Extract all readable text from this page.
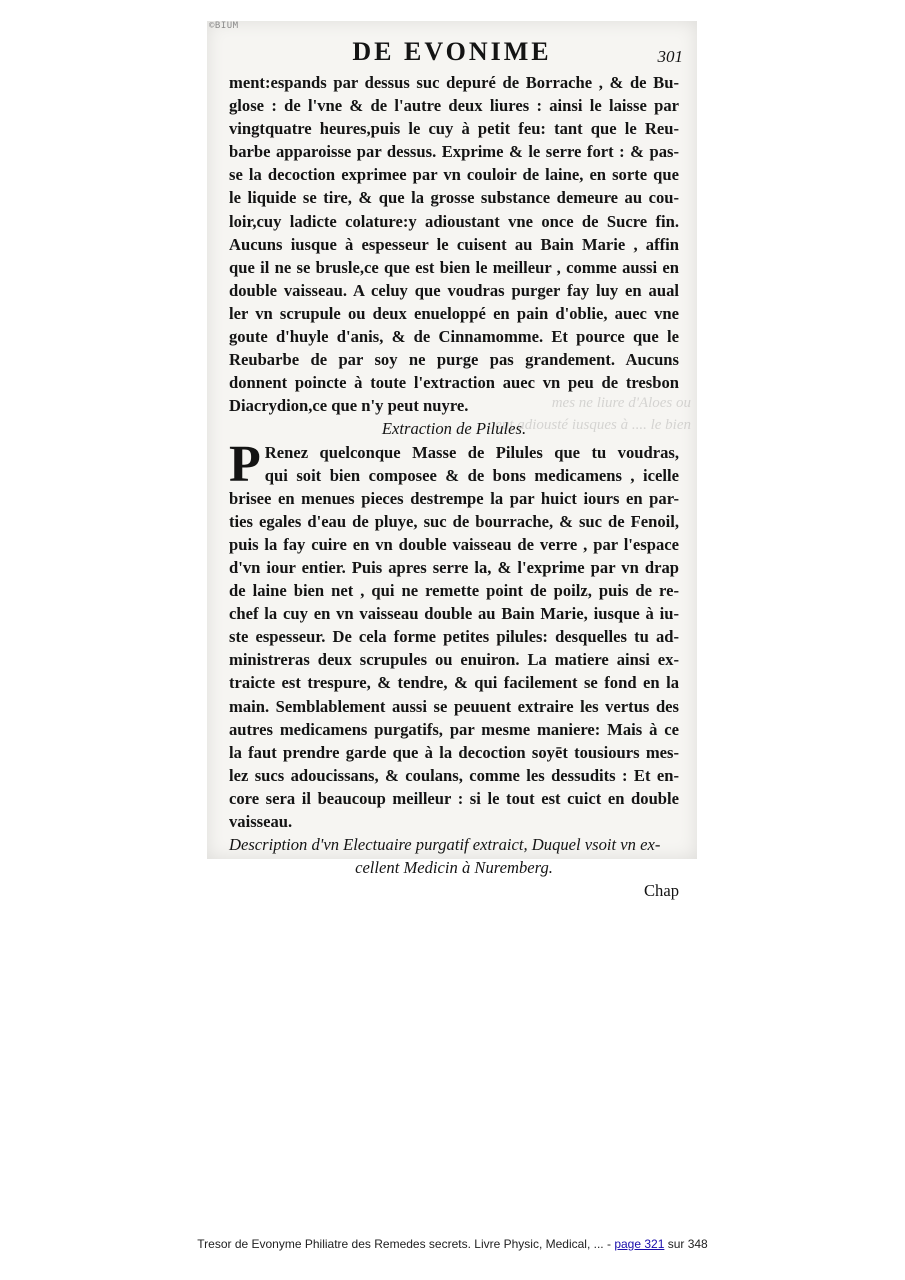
©BIUM
DE EVONIME	301
mes ne liure d'Aloes ou
peut adiousté iusques à .... le bien
ment:espands par dessus suc depuré de Borrache , & de Bu-
glose : de l'vne & de l'autre deux liures : ainsi le laisse par
vingtquatre heures,puis le cuy à petit feu: tant que le Reu-
barbe apparoisse par dessus. Exprime & le serre fort : & pas-
se la decoction exprimee par vn couloir de laine, en sorte que
le liquide se tire, & que la grosse substance demeure au cou-
loir,cuy ladicte colature:y adioustant vne once de Sucre fin.
Aucuns iusque à espesseur le cuisent au Bain Marie , affin
que il ne se brusle,ce que est bien le meilleur , comme aussi en
double vaisseau. A celuy que voudras purger fay luy en aual
ler vn scrupule ou deux enueloppé en pain d'oblie, auec vne
goute d'huyle d'anis, & de Cinnamomme. Et pource que le
Reubarbe de par soy ne purge pas grandement. Aucuns
donnent poincte à toute l'extraction auec vn peu de tresbon
Diacrydion,ce que n'y peut nuyre.
Extraction de Pilules.
P Renez quelconque Masse de Pilules que tu voudras,
qui soit bien composee & de bons medicamens , icelle
brisee en menues pieces destrempe la par huict iours en par-
ties egales d'eau de pluye, suc de bourrache, & suc de Fenoil,
puis la fay cuire en vn double vaisseau de verre , par l'espace
d'vn iour entier. Puis apres serre la, & l'exprime par vn drap
de laine bien net , qui ne remette point de poilz, puis de re-
chef la cuy en vn vaisseau double au Bain Marie, iusque à iu-
ste espesseur. De cela forme petites pilules: desquelles tu ad-
ministreras deux scrupules ou enuiron. La matiere ainsi ex-
traicte est trespure, & tendre, & qui facilement se fond en la
main. Semblablement aussi se peuuent extraire les vertus des
autres medicamens purgatifs, par mesme maniere: Mais à ce
la faut prendre garde que à la decoction soyēt tousiours mes-
lez sucs adoucissans, & coulans, comme les dessudits : Et en-
core sera il beaucoup meilleur : si le tout est cuict en double
vaisseau.
Description d'vn Electuaire purgatif extraict, Duquel vsoit vn ex-
cellent Medicin à Nuremberg.
Chap
Tresor de Evonyme Philiatre des Remedes secrets. Livre Physic, Medical, ... - page 321 sur 348
